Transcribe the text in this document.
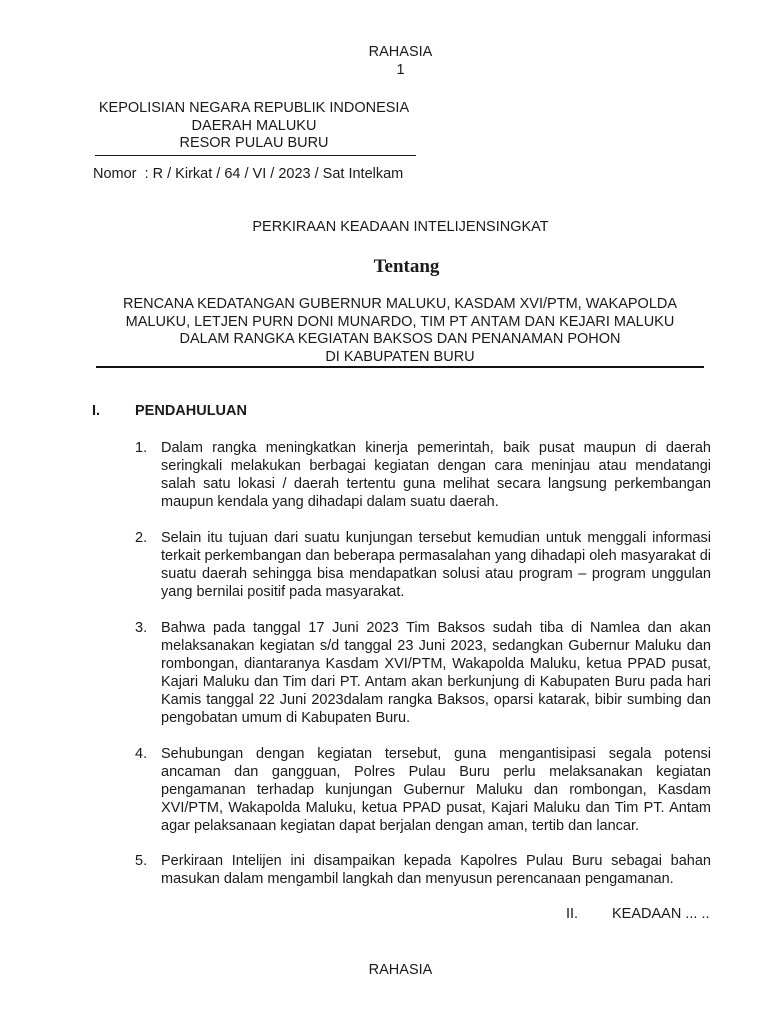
RAHASIA
1
KEPOLISIAN NEGARA REPUBLIK INDONESIA
DAERAH MALUKU
RESOR PULAU BURU
Nomor  : R / Kirkat / 64 / VI / 2023 / Sat Intelkam
PERKIRAAN KEADAAN INTELIJENSINGKAT
Tentang
RENCANA KEDATANGAN GUBERNUR MALUKU, KASDAM XVI/PTM, WAKAPOLDA
MALUKU, LETJEN PURN DONI MUNARDO, TIM PT ANTAM DAN KEJARI MALUKU
DALAM RANGKA KEGIATAN BAKSOS DAN PENANAMAN POHON
DI KABUPATEN BURU
I. PENDAHULUAN
1. Dalam rangka meningkatkan kinerja pemerintah, baik pusat maupun di daerah seringkali melakukan berbagai kegiatan dengan cara meninjau atau mendatangi salah satu lokasi / daerah tertentu guna melihat secara langsung perkembangan maupun kendala yang dihadapi dalam suatu daerah.
2. Selain itu tujuan dari suatu kunjungan tersebut kemudian untuk menggali informasi terkait perkembangan dan beberapa permasalahan yang dihadapi oleh masyarakat di suatu daerah sehingga bisa mendapatkan solusi atau program – program unggulan yang bernilai positif pada masyarakat.
3. Bahwa pada tanggal 17 Juni 2023 Tim Baksos sudah tiba di Namlea dan akan melaksanakan kegiatan s/d tanggal 23 Juni 2023, sedangkan Gubernur Maluku dan rombongan, diantaranya Kasdam XVI/PTM, Wakapolda Maluku, ketua PPAD pusat, Kajari Maluku dan Tim dari PT. Antam akan berkunjung di Kabupaten Buru pada hari Kamis tanggal 22 Juni 2023dalam rangka Baksos, oparsi katarak, bibir sumbing dan pengobatan umum di Kabupaten Buru.
4. Sehubungan dengan kegiatan tersebut, guna mengantisipasi segala potensi ancaman dan gangguan, Polres Pulau Buru perlu melaksanakan kegiatan pengamanan terhadap kunjungan Gubernur Maluku dan rombongan, Kasdam XVI/PTM, Wakapolda Maluku, ketua PPAD pusat, Kajari Maluku dan Tim PT. Antam agar pelaksanaan kegiatan dapat berjalan dengan aman, tertib dan lancar.
5. Perkiraan Intelijen ini disampaikan kepada Kapolres Pulau Buru sebagai bahan masukan dalam mengambil langkah dan menyusun perencanaan pengamanan.
II. KEADAAN ... ..
RAHASIA
